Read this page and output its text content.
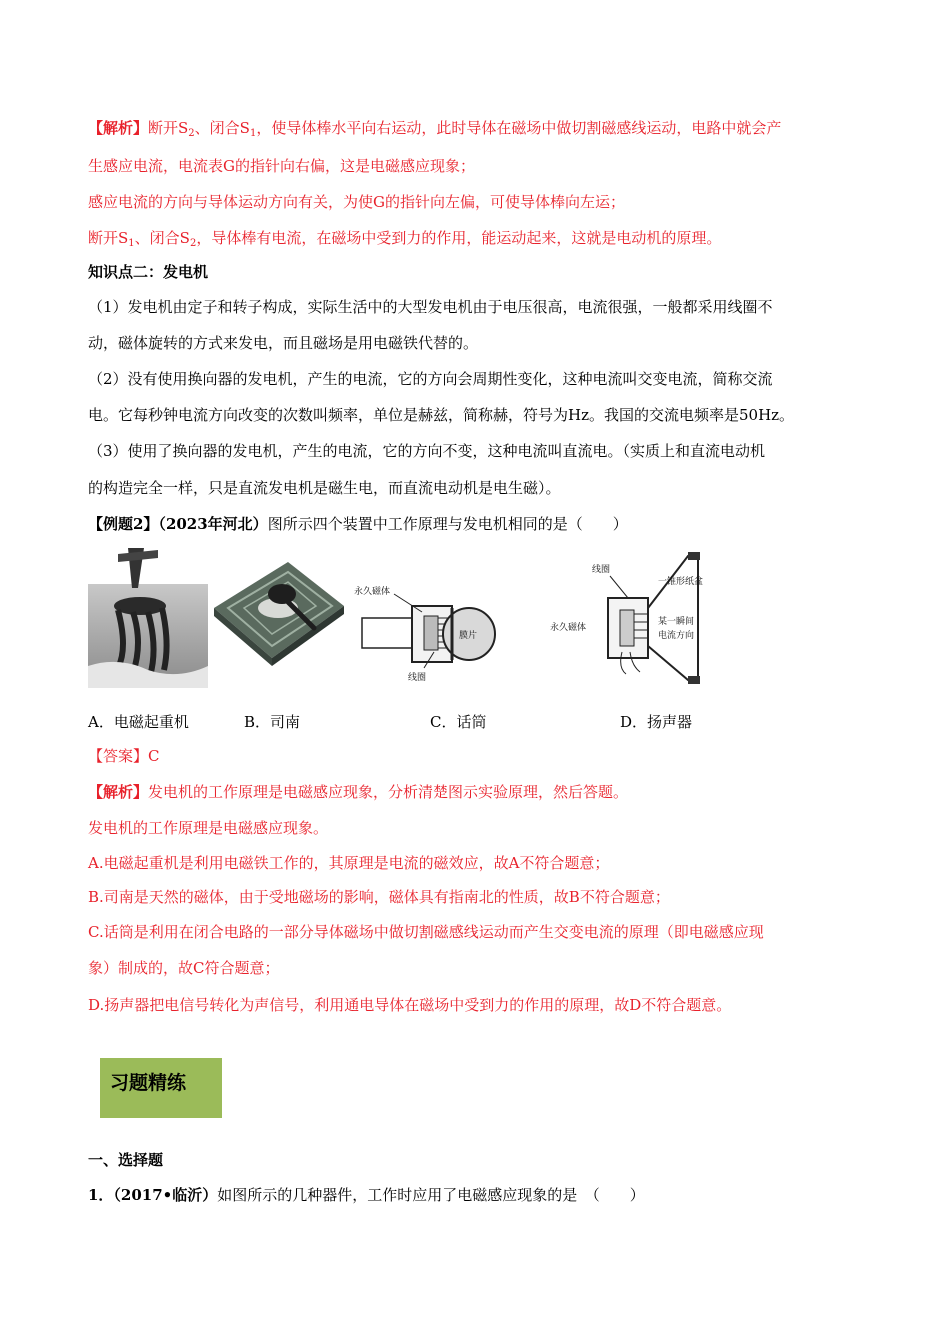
【解析】断开$S_2$、闭合$S_1$，使导体棒水平向右运动，此时导体在磁场中做切割磁感线运动，电路中就会产
生感应电流，电流表G的指针向右偏，这是电磁感应现象；
感应电流的方向与导体运动方向有关，为使G的指针向左偏，可使导体棒向左运；
断开$S_1$、闭合$S_2$，导体棒有电流，在磁场中受到力的作用，能运动起来，这就是电动机的原理。
知识点二：发电机
（1）发电机由定子和转子构成，实际生活中的大型发电机由于电压很高，电流很强，一般都采用线圈不
动，磁体旋转的方式来发电，而且磁场是用电磁铁代替的。
（2）没有使用换向器的发电机，产生的电流，它的方向会周期性变化，这种电流叫交变电流，简称交流
电。它每秒钟电流方向改变的次数叫频率，单位是赫兹，简称赫，符号为Hz。我国的交流电频率是50Hz。
（3）使用了换向器的发电机，产生的电流，它的方向不变，这种电流叫直流电。（实质上和直流电动机
的构造完全一样，只是直流发电机是磁生电，而直流电动机是电生磁）。
【例题2】（2023年河北）图所示四个装置中工作原理与发电机相同的是（　　）
永久磁体
膜片
线圈
线圈
永久磁体
一锥形纸盆
某一瞬间
电流方向
A．电磁起重机	B．司南	C．话筒	D．扬声器
【答案】C
【解析】发电机的工作原理是电磁感应现象，分析清楚图示实验原理，然后答题。
发电机的工作原理是电磁感应现象。
A.电磁起重机是利用电磁铁工作的，其原理是电流的磁效应，故A不符合题意；
B.司南是天然的磁体，由于受地磁场的影响，磁体具有指南北的性质，故B不符合题意；
C.话筒是利用在闭合电路的一部分导体磁场中做切割磁感线运动而产生交变电流的原理（即电磁感应现
象）制成的，故C符合题意；
D.扬声器把电信号转化为声信号，利用通电导体在磁场中受到力的作用的原理，故D不符合题意。
习题精练
一、选择题
1．（2017•临沂）如图所示的几种器件，工作时应用了电磁感应现象的是　（　　）
